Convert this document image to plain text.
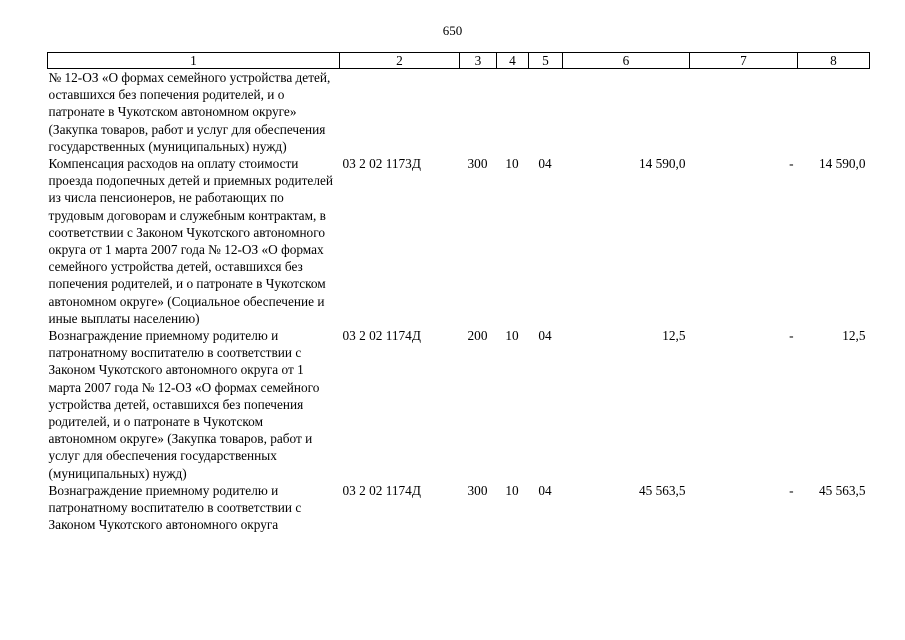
650
1	2	3	4	5	6	7	8
№ 12-ОЗ «О формах семейного устройства детей, оставшихся без попечения родителей, и о патронате в Чукотском автономном округе» (Закупка товаров, работ и услуг для обеспечения государственных (муниципальных) нужд)							
Компенсация расходов на оплату стоимости проезда подопечных детей и приемных родителей из числа пенсионеров, не работающих по трудовым договорам и служебным контрактам, в соответствии с Законом Чукотского автономного округа от 1 марта 2007 года № 12-ОЗ «О формах семейного устройства детей, оставшихся без попечения родителей, и о патронате в Чукотском автономном округе» (Социальное обеспечение и иные выплаты населению)	03 2 02 1173Д	300	10	04	14 590,0	-	14 590,0
Вознаграждение приемному родителю и патронатному воспитателю в соответствии с Законом Чукотского автономного округа от 1 марта 2007 года № 12-ОЗ «О формах семейного устройства детей, оставшихся без попечения родителей, и о патронате в Чукотском автономном округе» (Закупка товаров, работ и услуг для обеспечения государственных (муниципальных) нужд)	03 2 02 1174Д	200	10	04	12,5	-	12,5
Вознаграждение приемному родителю и патронатному воспитателю в соответствии с Законом Чукотского автономного округа	03 2 02 1174Д	300	10	04	45 563,5	-	45 563,5
